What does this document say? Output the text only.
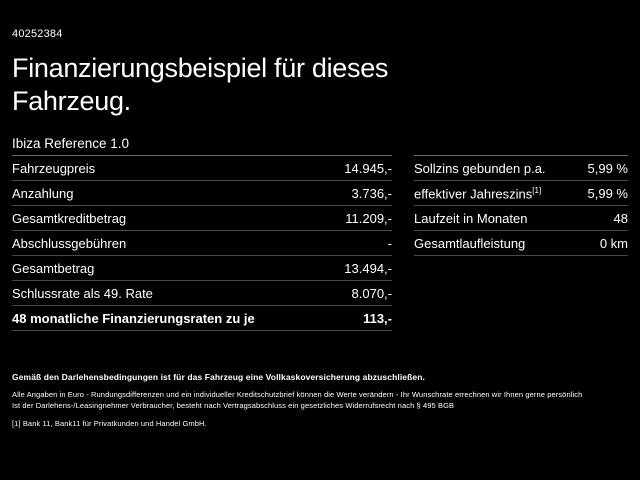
40252384
Finanzierungsbeispiel für dieses
Fahrzeug.
Ibiza Reference 1.0
Fahrzeugpreis	14.945,-
Anzahlung	3.736,-
Gesamtkreditbetrag	11.209,-
Abschlussgebühren	-
Gesamtbetrag	13.494,-
Schlussrate als 49. Rate	8.070,-
48 monatliche Finanzierungsraten zu je	113,-
Sollzins gebunden p.a.	5,99 %
effektiver Jahreszins[1]	5,99 %
Laufzeit in Monaten	48
Gesamtlaufleistung	0 km
Gemäß den Darlehensbedingungen ist für das Fahrzeug eine Vollkaskoversicherung abzuschließen.
Alle Angaben in Euro - Rundungsdifferenzen und ein individueller Kreditschutzbrief können die Werte verändern - Ihr Wunschrate errechnen wir Ihnen gerne persönlich
Ist der Darlehens-/Leasingnehmer Verbraucher, besteht nach Vertragsabschluss ein gesetzliches Widerrufsrecht nach § 495 BGB
[1] Bank 11, Bank11 für Privatkunden und Handel GmbH.
